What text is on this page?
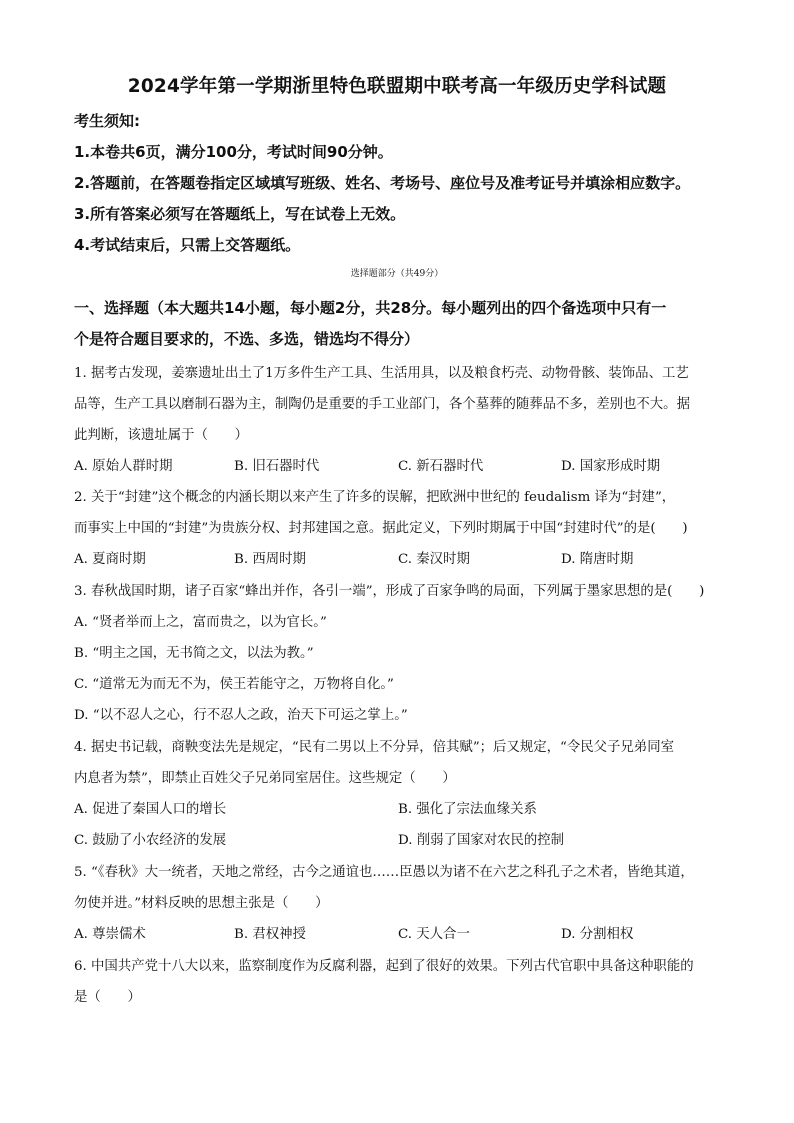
2024学年第一学期浙里特色联盟期中联考高一年级历史学科试题
考生须知:
1.本卷共6页，满分100分，考试时间90分钟。
2.答题前，在答题卷指定区域填写班级、姓名、考场号、座位号及准考证号并填涂相应数字。
3.所有答案必须写在答题纸上，写在试卷上无效。
4.考试结束后，只需上交答题纸。
选择题部分（共49分）
一、选择题（本大题共14小题，每小题2分，共28分。每小题列出的四个备选项中只有一
个是符合题目要求的，不选、多选，错选均不得分）
1. 据考古发现，姜寨遗址出土了1万多件生产工具、生活用具，以及粮食朽壳、动物骨骸、装饰品、工艺
品等，生产工具以磨制石器为主，制陶仍是重要的手工业部门，各个墓葬的随葬品不多，差别也不大。据
此判断，该遗址属于（　　）
A. 原始人群时期	B. 旧石器时代	C. 新石器时代	D. 国家形成时期
2. 关于“封建”这个概念的内涵长期以来产生了许多的误解，把欧洲中世纪的 feudalism 译为“封建”，
而事实上中国的“封建”为贵族分权、封邦建国之意。据此定义，下列时期属于中国“封建时代”的是(　　)
A. 夏商时期	B. 西周时期	C. 秦汉时期	D. 隋唐时期
3. 春秋战国时期，诸子百家“蜂出并作，各引一端”，形成了百家争鸣的局面，下列属于墨家思想的是(　　)
A. “贤者举而上之，富而贵之，以为官长。”
B. “明主之国，无书简之文，以法为教。”
C. “道常无为而无不为，侯王若能守之，万物将自化。”
D. “以不忍人之心，行不忍人之政，治天下可运之掌上。”
4. 据史书记载，商鞅变法先是规定，“民有二男以上不分异，倍其赋”；后又规定，“令民父子兄弟同室
内息者为禁”，即禁止百姓父子兄弟同室居住。这些规定（　　）
A. 促进了秦国人口的增长	B. 强化了宗法血缘关系
C. 鼓励了小农经济的发展	D. 削弱了国家对农民的控制
5. “《春秋》大一统者，天地之常经，古今之通谊也……臣愚以为诸不在六艺之科孔子之术者，皆绝其道，
勿使并进。”材料反映的思想主张是（　　）
A. 尊崇儒术	B. 君权神授	C. 天人合一	D. 分割相权
6. 中国共产党十八大以来，监察制度作为反腐利器，起到了很好的效果。下列古代官职中具备这种职能的
是（　　）
